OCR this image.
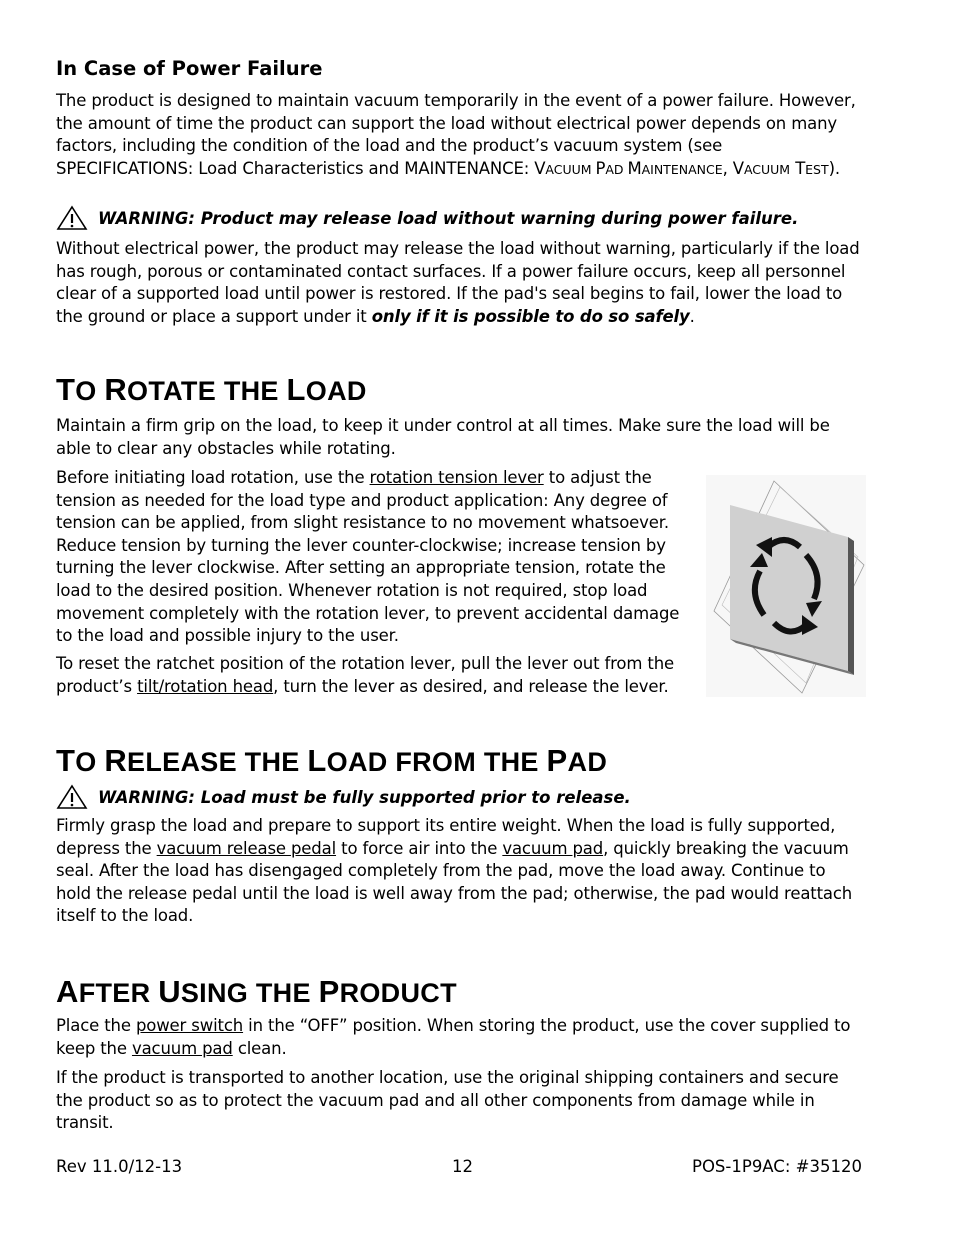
In Case of Power Failure

The product is designed to maintain vacuum temporarily in the event of a power failure. However, the amount of time the product can support the load without electrical power depends on many factors, including the condition of the load and the product’s vacuum system (see SPECIFICATIONS: Load Characteristics and MAINTENANCE: VACUUM PAD MAINTENANCE, VACUUM TEST).

WARNING: Product may release load without warning during power failure.

Without electrical power, the product may release the load without warning, particularly if the load has rough, porous or contaminated contact surfaces. If a power failure occurs, keep all personnel clear of a supported load until power is restored. If the pad's seal begins to fail, lower the load to the ground or place a support under it only if it is possible to do so safely.

TO ROTATE THE LOAD

Maintain a firm grip on the load, to keep it under control at all times. Make sure the load will be able to clear any obstacles while rotating.

Before initiating load rotation, use the rotation tension lever to adjust the tension as needed for the load type and product application: Any degree of tension can be applied, from slight resistance to no movement whatsoever. Reduce tension by turning the lever counter-clockwise; increase tension by turning the lever clockwise. After setting an appropriate tension, rotate the load to the desired position. Whenever rotation is not required, stop load movement completely with the rotation lever, to prevent accidental damage to the load and possible injury to the user.

To reset the ratchet position of the rotation lever, pull the lever out from the product’s tilt/rotation head, turn the lever as desired, and release the lever.

TO RELEASE THE LOAD FROM THE PAD
WARNING: Load must be fully supported prior to release.

Firmly grasp the load and prepare to support its entire weight. When the load is fully supported, depress the vacuum release pedal to force air into the vacuum pad, quickly breaking the vacuum seal. After the load has disengaged completely from the pad, move the load away. Continue to hold the release pedal until the load is well away from the pad; otherwise, the pad would reattach itself to the load.

AFTER USING THE PRODUCT

Place the power switch in the “OFF” position. When storing the product, use the cover supplied to keep the vacuum pad clean.

If the product is transported to another location, use the original shipping containers and secure the product so as to protect the vacuum pad and all other components from damage while in transit.

Rev 11.0/12-13	12	POS-1P9AC: #35120
